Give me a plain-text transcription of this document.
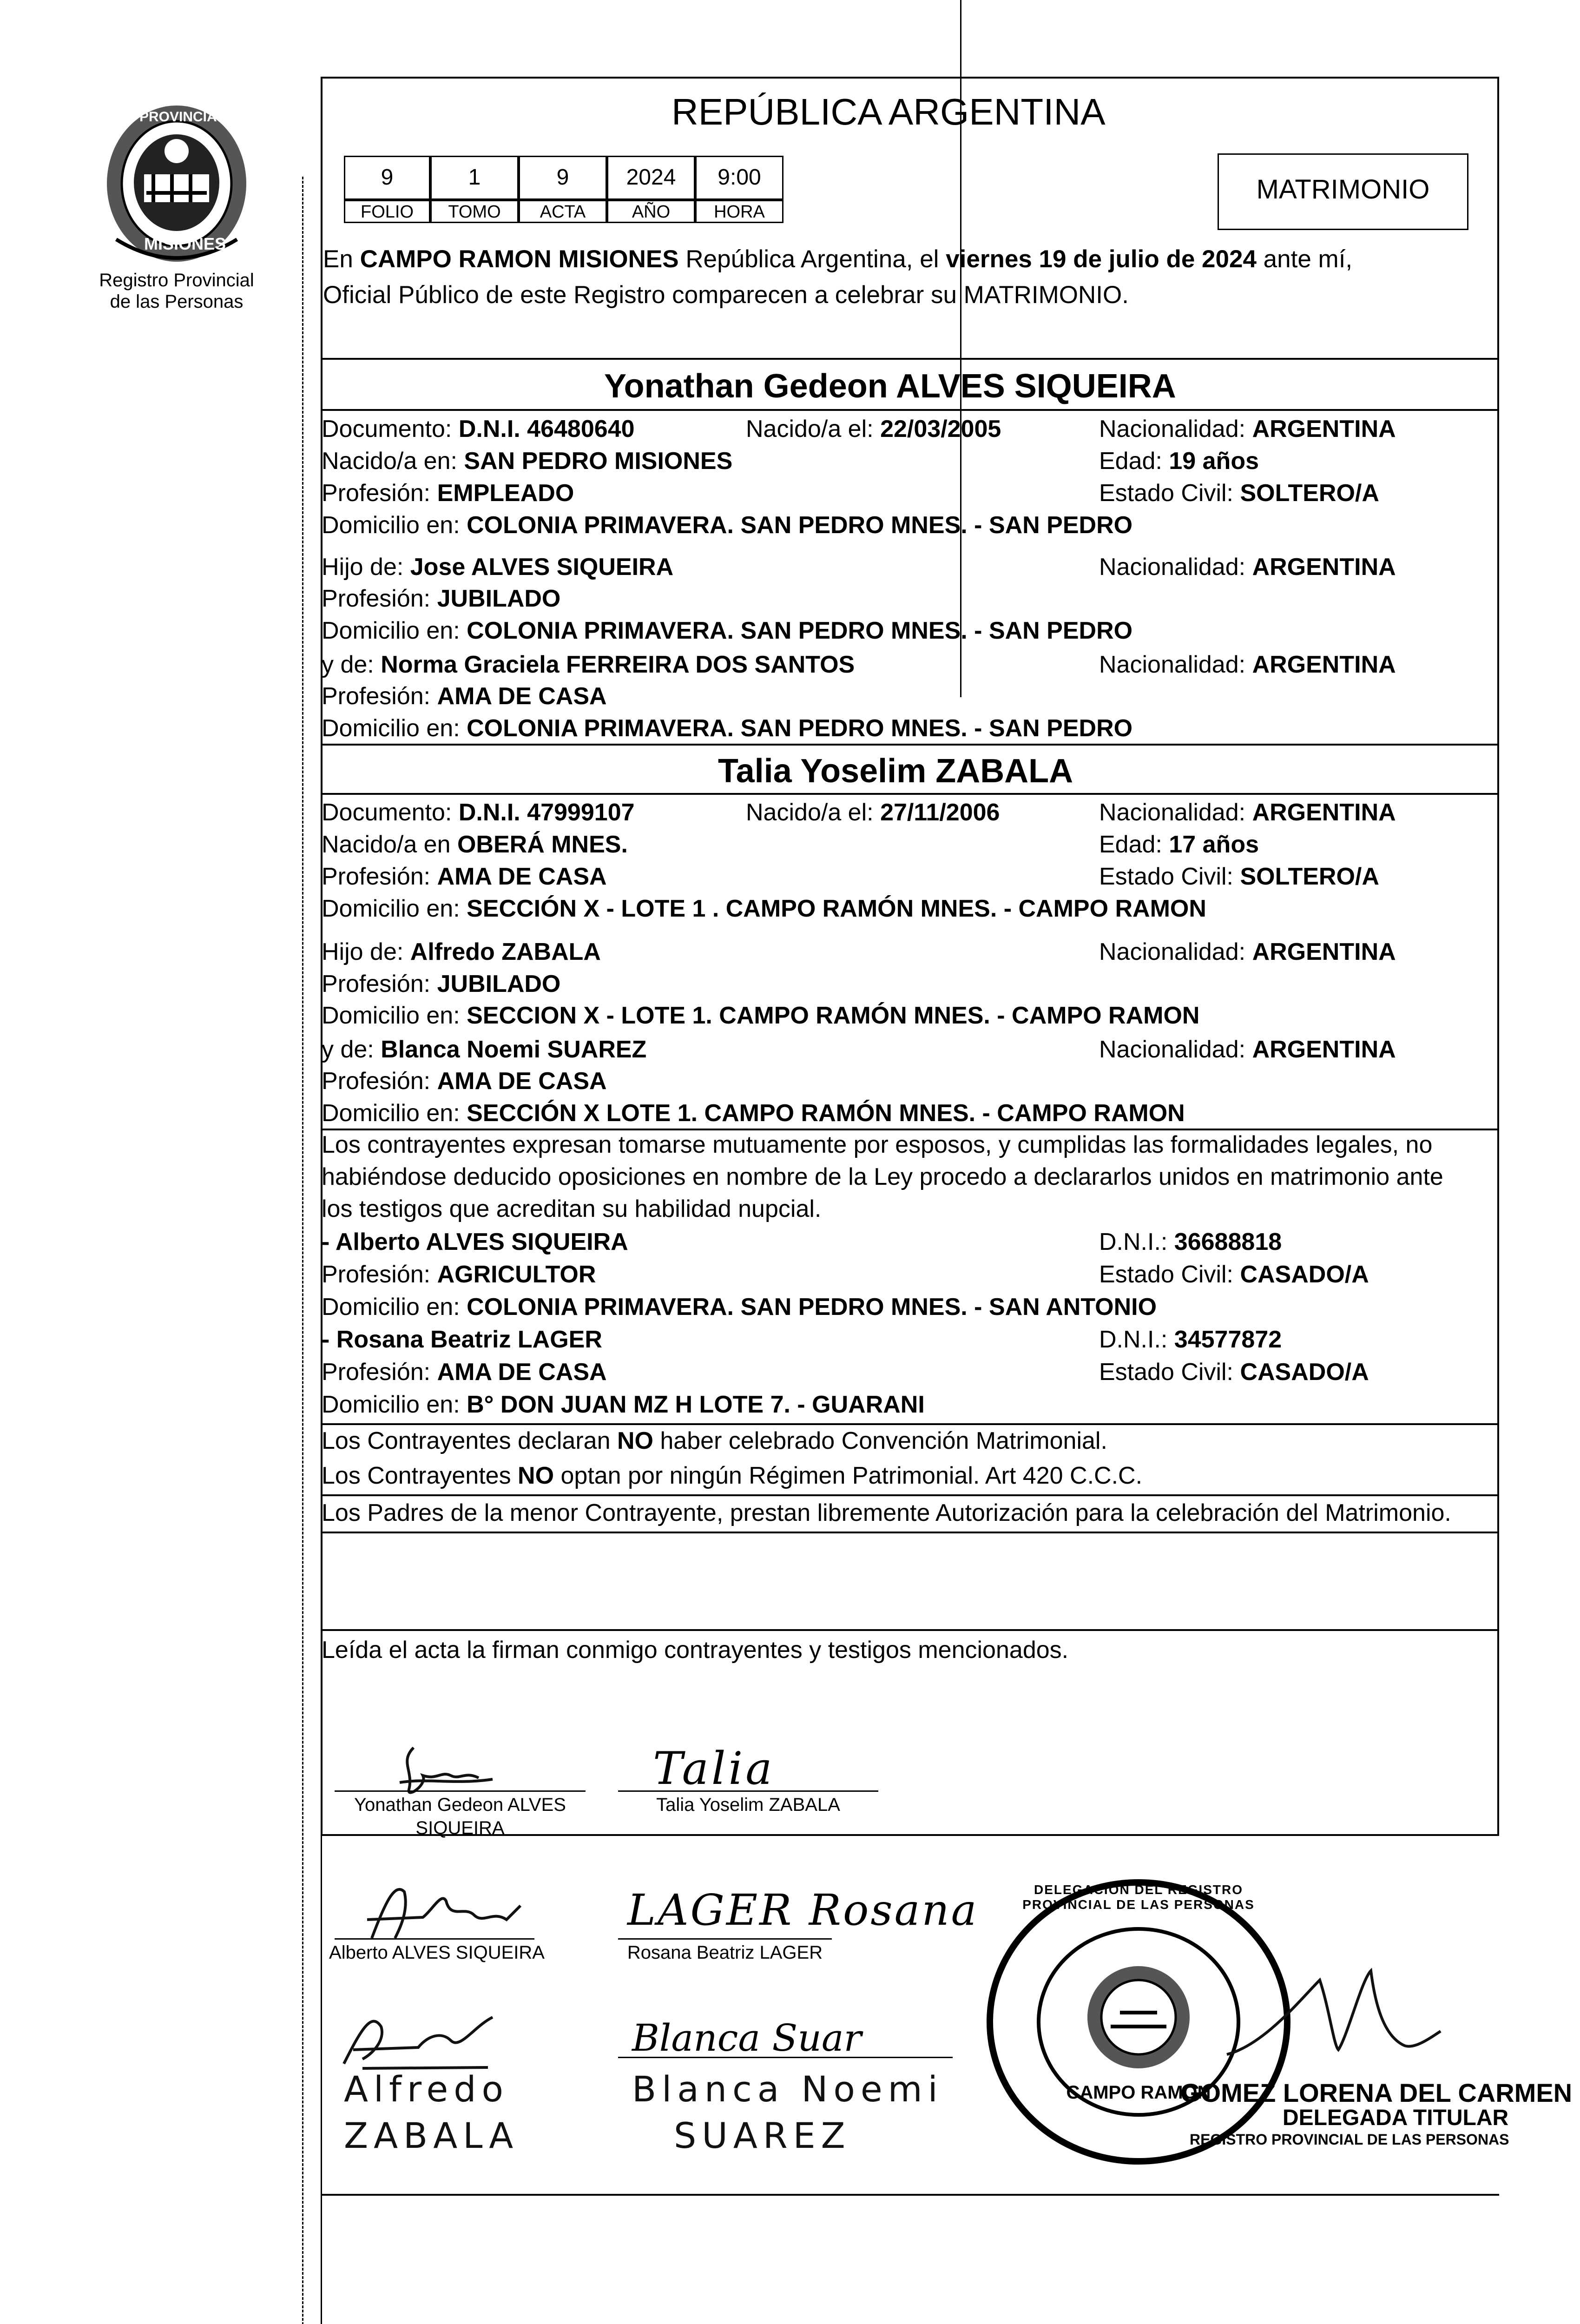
PROVINCIA DE
MISIONES
Registro Provincial
de las Personas
REPÚBLICA ARGENTINA
9	1	9	2024	9:00
FOLIO	TOMO	ACTA	AÑO	HORA
MATRIMONIO
En CAMPO RAMON MISIONES República Argentina, el viernes 19 de julio de 2024 ante mí,
Oficial Público de este Registro comparecen a celebrar su MATRIMONIO.
Yonathan Gedeon ALVES SIQUEIRA
Documento: D.N.I. 46480640	Nacido/a el: 22/03/2005	Nacionalidad: ARGENTINA
Nacido/a en: SAN PEDRO MISIONES	Edad: 19 años
Profesión: EMPLEADO	Estado Civil: SOLTERO/A
Domicilio en: COLONIA PRIMAVERA. SAN PEDRO MNES. - SAN PEDRO
Hijo de: Jose ALVES SIQUEIRA	Nacionalidad: ARGENTINA
Profesión: JUBILADO
Domicilio en: COLONIA PRIMAVERA. SAN PEDRO MNES. - SAN PEDRO
y de: Norma Graciela FERREIRA DOS SANTOS	Nacionalidad: ARGENTINA
Profesión: AMA DE CASA
Domicilio en: COLONIA PRIMAVERA. SAN PEDRO MNES. - SAN PEDRO
Talia Yoselim ZABALA
Documento: D.N.I. 47999107	Nacido/a el: 27/11/2006	Nacionalidad: ARGENTINA
Nacido/a en OBERÁ MNES.	Edad: 17 años
Profesión: AMA DE CASA	Estado Civil: SOLTERO/A
Domicilio en: SECCIÓN X - LOTE 1 . CAMPO RAMÓN MNES. - CAMPO RAMON
Hijo de: Alfredo ZABALA	Nacionalidad: ARGENTINA
Profesión: JUBILADO
Domicilio en: SECCION X - LOTE 1. CAMPO RAMÓN MNES. - CAMPO RAMON
y de: Blanca Noemi SUAREZ	Nacionalidad: ARGENTINA
Profesión: AMA DE CASA
Domicilio en: SECCIÓN X LOTE 1. CAMPO RAMÓN MNES. - CAMPO RAMON
Los contrayentes expresan tomarse mutuamente por esposos, y cumplidas las formalidades legales, no
habiéndose deducido oposiciones en nombre de la Ley procedo a declararlos unidos en matrimonio ante
los testigos que acreditan su habilidad nupcial.
- Alberto ALVES SIQUEIRA	D.N.I.: 36688818
Profesión: AGRICULTOR	Estado Civil: CASADO/A
Domicilio en: COLONIA PRIMAVERA. SAN PEDRO MNES. - SAN ANTONIO
- Rosana Beatriz LAGER	D.N.I.: 34577872
Profesión: AMA DE CASA	Estado Civil: CASADO/A
Domicilio en: B° DON JUAN MZ H LOTE 7. - GUARANI
Los Contrayentes declaran NO haber celebrado Convención Matrimonial.
Los Contrayentes NO optan por ningún Régimen Patrimonial. Art 420 C.C.C.
Los Padres de la menor Contrayente, prestan libremente Autorización para la celebración del Matrimonio.
Leída el acta la firman conmigo contrayentes y testigos mencionados.
Yonathan Gedeon ALVES
SIQUEIRA
Talia
Talia Yoselim ZABALA
Alberto ALVES SIQUEIRA
LAGER Rosana
Rosana Beatriz LAGER
Alfredo
ZABALA
Blanca Suar
Blanca Noemi
SUAREZ
DELEGACIÓN DEL REGISTRO PROVINCIAL DE LAS PERSONAS
CAMPO RAMON
GOMEZ LORENA DEL CARMEN
DELEGADA TITULAR
REGISTRO PROVINCIAL DE LAS PERSONAS
